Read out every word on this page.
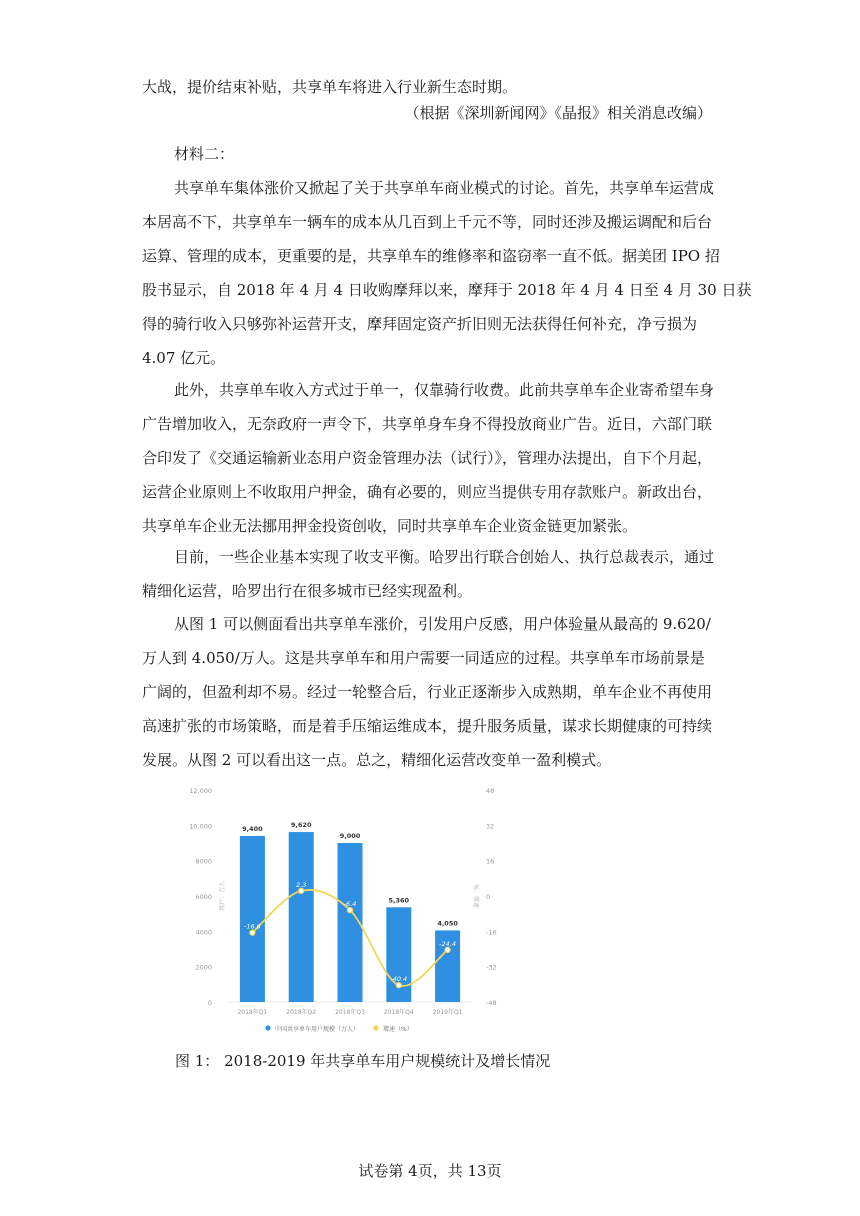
大战，提价结束补贴，共享单车将进入行业新生态时期。

（根据《深圳新闻网》《晶报》相关消息改编）

材料二：

共享单车集体涨价又掀起了关于共享单车商业模式的讨论。首先，共享单车运营成
本居高不下，共享单车一辆车的成本从几百到上千元不等，同时还涉及搬运调配和后台
运算、管理的成本，更重要的是，共享单车的维修率和盗窃率一直不低。据美团 IPO 招
股书显示，自 2018 年 4 月 4 日收购摩拜以来，摩拜于 2018 年 4 月 4 日至 4 月 30 日获
得的骑行收入只够弥补运营开支，摩拜固定资产折旧则无法获得任何补充，净亏损为
4.07 亿元。

此外，共享单车收入方式过于单一，仅靠骑行收费。此前共享单车企业寄希望车身
广告增加收入，无奈政府一声令下，共享单身车身不得投放商业广告。近日，六部门联
合印发了《交通运输新业态用户资金管理办法（试行）》，管理办法提出，自下个月起，
运营企业原则上不收取用户押金，确有必要的，则应当提供专用存款账户。新政出台，
共享单车企业无法挪用押金投资创收，同时共享单车企业资金链更加紧张。

目前，一些企业基本实现了收支平衡。哈罗出行联合创始人、执行总裁表示，通过
精细化运营，哈罗出行在很多城市已经实现盈利。

从图 1 可以侧面看出共享单车涨价，引发用户反感，用户体验量从最高的 9.620/
万人到 4.050/万人。这是共享单车和用户需要一同适应的过程。共享单车市场前景是
广阔的，但盈利却不易。经过一轮整合后，行业正逐渐步入成熟期，单车企业不再使用
高速扩张的市场策略，而是着手压缩运维成本，提升服务质量，谋求长期健康的可持续
发展。从图 2 可以看出这一点。总之，精细化运营改变单一盈利模式。

0
2000
4000
6000
8000
10,000
12,000
-48
-32
-16
0
16
32
48
用户：万人	%：增速
9,400
2018年Q1
9,620
2018年Q2
9,000
2018年Q3
5,360
2018年Q4
4,050
2019年Q1
-16.6
2.3
-6.4
-40.4
-24.4
中国共享单车用户规模（万人）	增速（%）
图 1： 2018-2019 年共享单车用户规模统计及增长情况
试卷第 4页，共 13页
